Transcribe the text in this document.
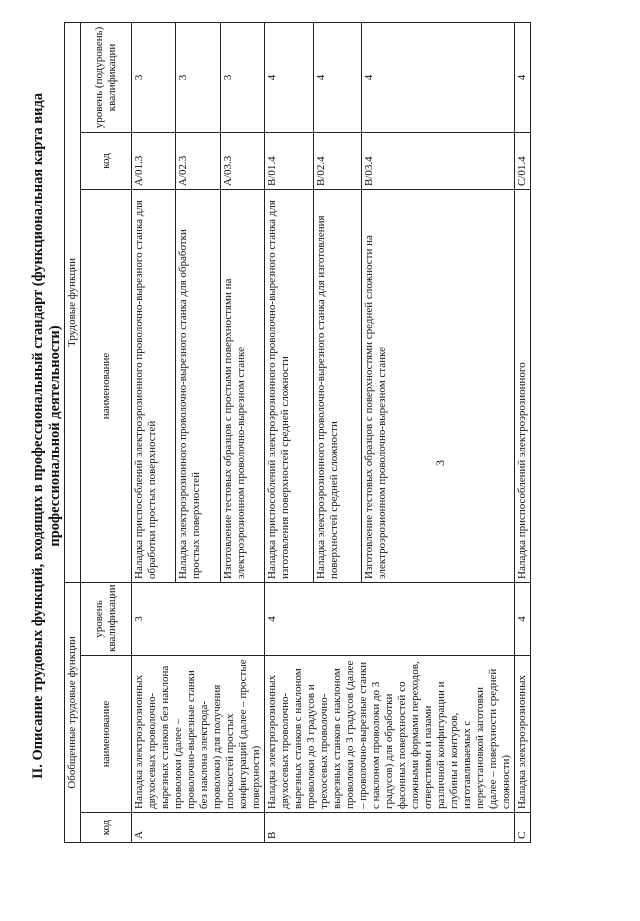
3
II. Описание трудовых функций, входящих в профессиональный стандарт (функциональная карта вида профессиональной деятельности)
Обобщенные трудовые функции			Трудовые функции		
код	наименование	уровень квалификации	наименование	код	уровень (подуровень) квалификации
A	Наладка электроэрозионных двухосевых проволочно-вырезных станков без наклона проволоки (далее – проволочно-вырезные станки без наклона электрода-проволоки) для получения плоскостей простых конфигураций (далее – простые поверхности)	3	Наладка приспособлений электроэрозионного проволочно-вырезного станка для обработки простых поверхностей	A/01.3	3
			Наладка электроэрозионного проволочно-вырезного станка для обработки простых поверхностей	A/02.3	3
			Изготовление тестовых образцов с простыми поверхностями на электроэрозионном проволочно-вырезном станке	A/03.3	3
B	Наладка электроэрозионных двухосевых проволочно-вырезных станков с наклоном проволоки до 3 градусов и трехосевых проволочно-вырезных станков с наклоном проволоки до 3 градусов (далее – проволочно-вырезные станки с наклоном проволоки до 3 градусов) для обработки фасонных поверхностей со сложными формами переходов, отверстиями и пазами различной конфигурации и глубины и контуров, изготавливаемых с переустановкой заготовки (далее – поверхности средней сложности)	4	Наладка приспособлений электроэрозионного проволочно-вырезного станка для изготовления поверхностей средней сложности	B/01.4	4
			Наладка электроэрозионного проволочно-вырезного станка для изготовления поверхностей средней сложности	B/02.4	4
			Изготовление тестовых образцов с поверхностями средней сложности на электроэрозионном проволочно-вырезном станке	B/03.4	4
C	Наладка электроэрозионных	4	Наладка приспособлений электроэрозионного	C/01.4	4
